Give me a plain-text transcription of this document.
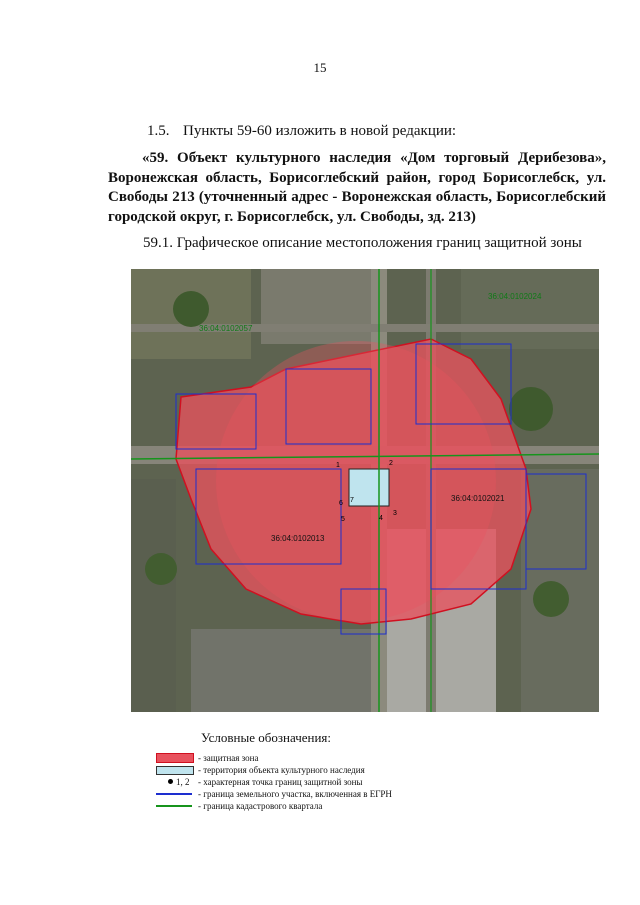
15
1.5. Пункты 59-60 изложить в новой редакции:
«59. Объект культурного наследия «Дом торговый Дерибезова», Воронежская область, Борисоглебский район, город Борисоглебск, ул. Свободы 213 (уточненный адрес - Воронежская область, Борисоглебский городской округ, г. Борисоглебск, ул. Свободы, зд. 213)
59.1. Графическое описание местоположения границ защитной зоны
36:04:0102057
36:04:0102024
36:04:0102013
36:04:0102021
1	2
3
4
5
6 7
Условные обозначения:
- защитная зона
- территория объекта культурного наследия
1, 2 - характерная точка границ защитной зоны
- граница земельного участка, включенная в ЕГРН
- граница кадастрового квартала
